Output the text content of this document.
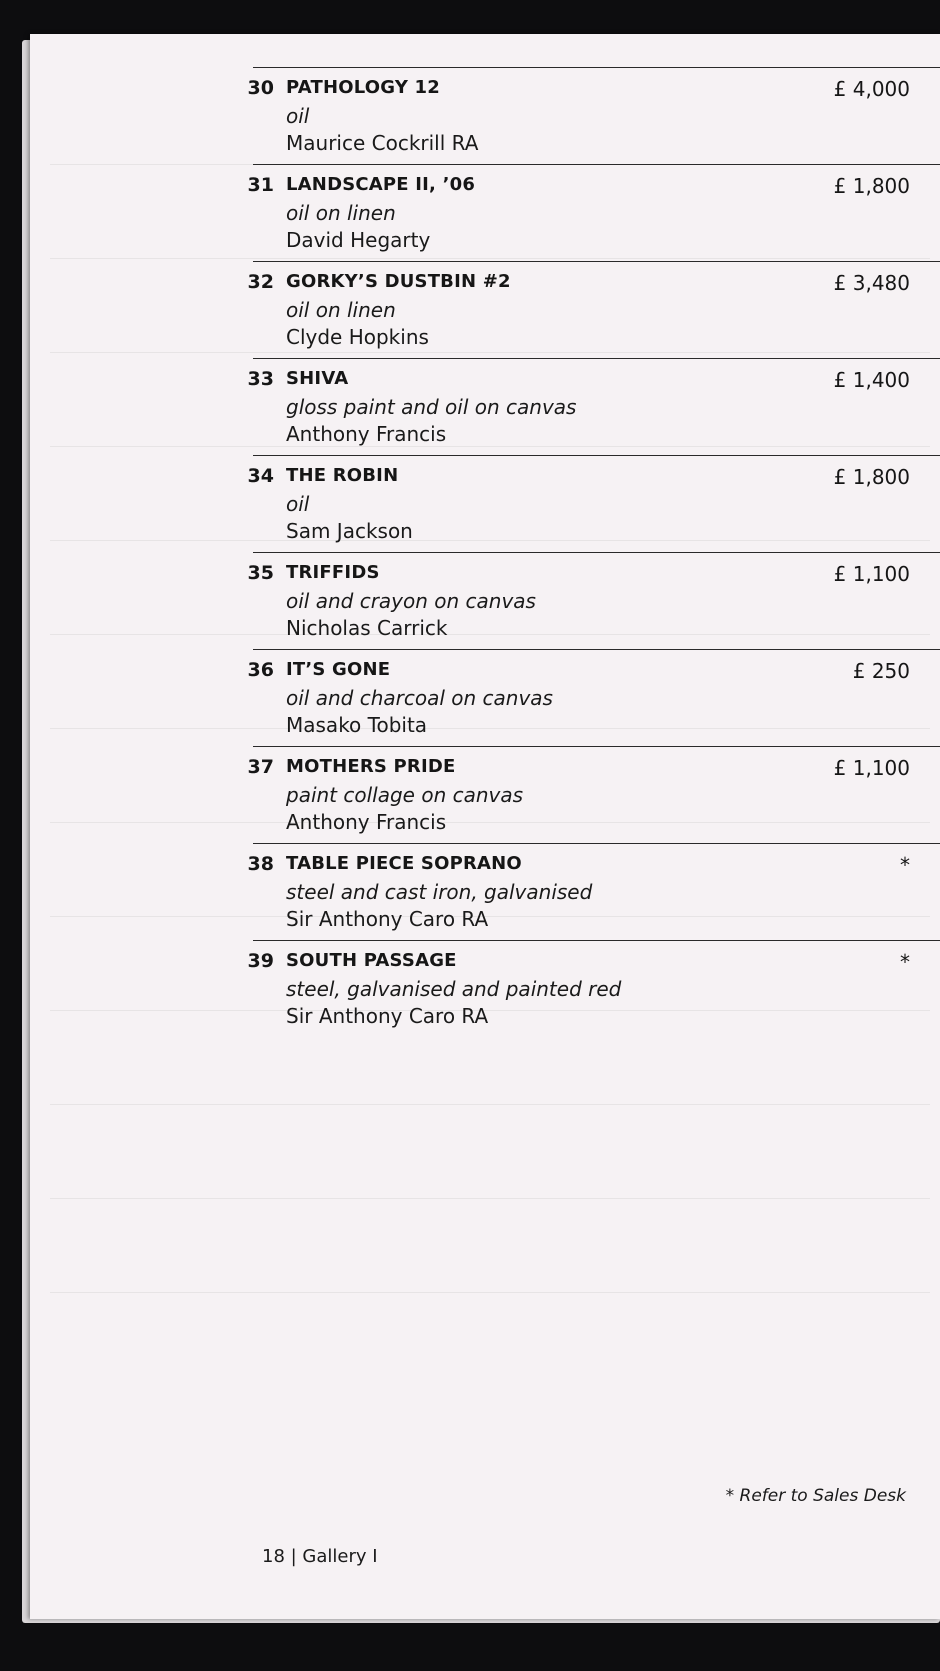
30 PATHOLOGY 12
oil
Maurice Cockrill RA
£ 4,000
31 LANDSCAPE II, ’06
oil on linen
David Hegarty
£ 1,800
32 GORKY’S DUSTBIN #2
oil on linen
Clyde Hopkins
£ 3,480
33 SHIVA
gloss paint and oil on canvas
Anthony Francis
£ 1,400
34 THE ROBIN
oil
Sam Jackson
£ 1,800
35 TRIFFIDS
oil and crayon on canvas
Nicholas Carrick
£ 1,100
36 IT’S GONE
oil and charcoal on canvas
Masako Tobita
£ 250
37 MOTHERS PRIDE
paint collage on canvas
Anthony Francis
£ 1,100
38 TABLE PIECE SOPRANO
steel and cast iron, galvanised
Sir Anthony Caro RA
*
39 SOUTH PASSAGE
steel, galvanised and painted red
Sir Anthony Caro RA
*
* Refer to Sales Desk
18 | Gallery I
